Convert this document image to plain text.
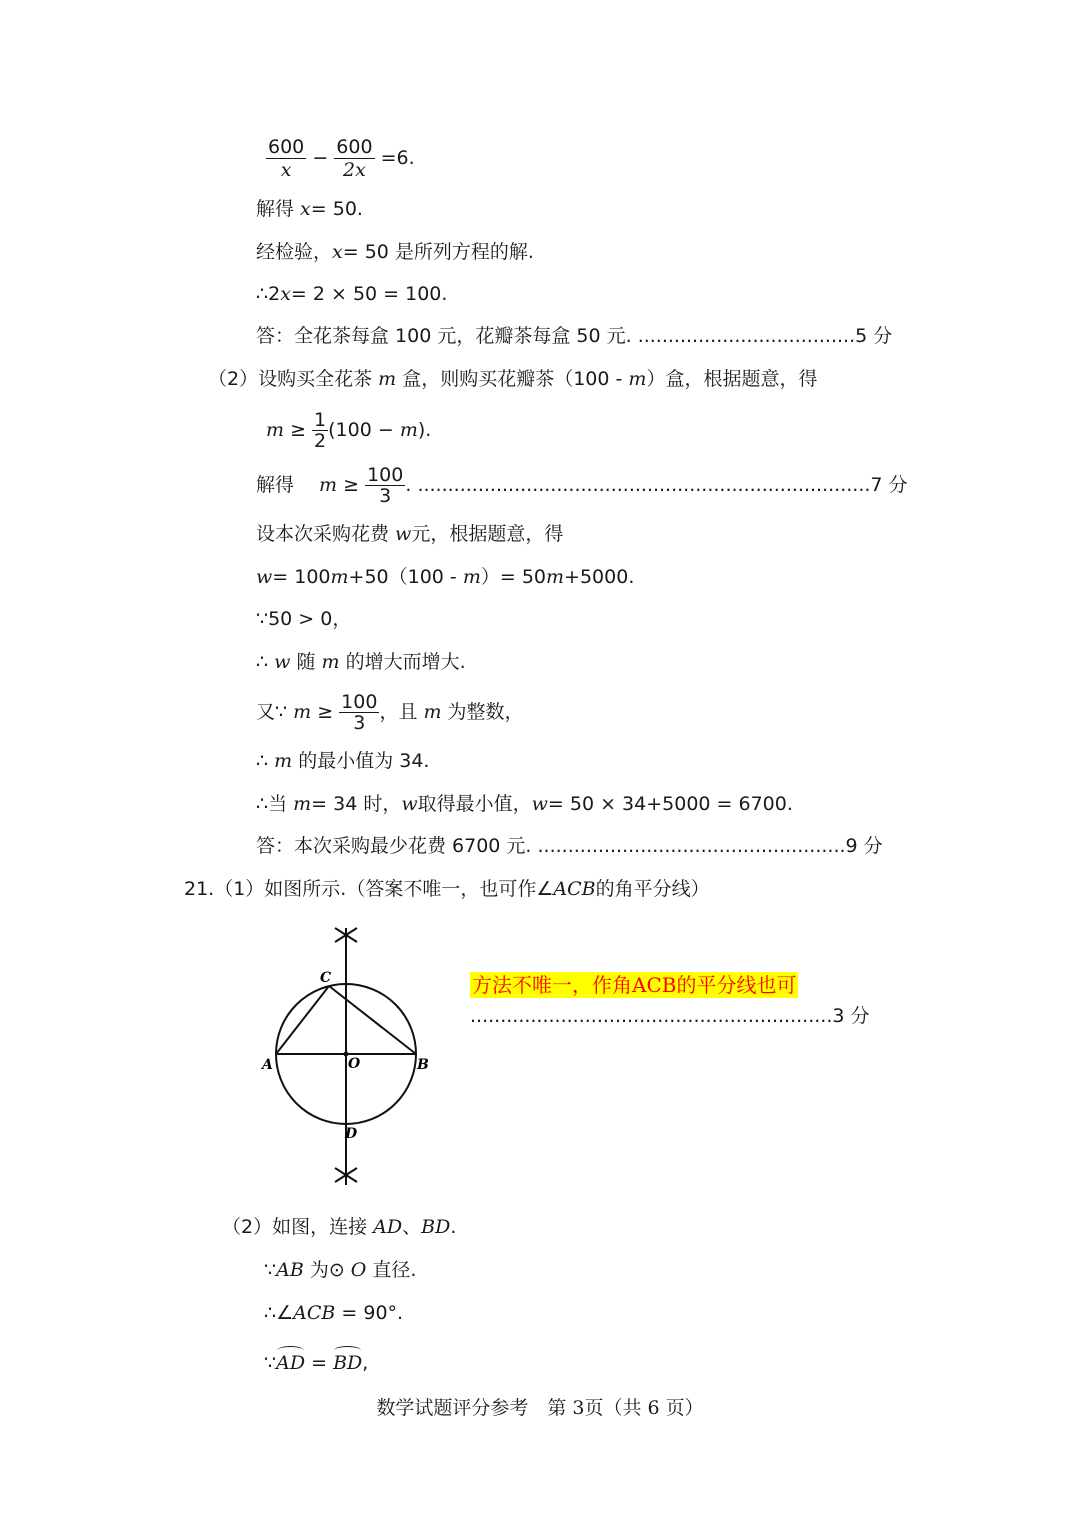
$\frac{600}{x} - \frac{600}{2x} =6$.
解得 x= 50.
经检验，x= 50 是所列方程的解.
∴2x= 2 × 50 = 100.
答：全花茶每盒 100 元，花瓣茶每盒 50 元. ....................................5 分
（2）设购买全花茶 m 盒，则购买花瓣茶（100 - m）盒，根据题意，得
$m \ge \frac{1}{2} (100 - m)$.
解得　 $m \ge \frac{100}{3}$ . ...........................................................................7 分
设本次采购花费 w元，根据题意，得
w= 100m+50（100 - m）= 50m+5000.
∵50 > 0，
∴ w 随 m 的增大而增大.
又∵ $m \ge \frac{100}{3}$ ，且 m 为整数，
∴ m 的最小值为 34.
∴当 m= 34 时，w取得最小值，w= 50 × 34+5000 = 6700.
答：本次采购最少花费 6700 元. ...................................................9 分
21.（1）如图所示.（答案不唯一，也可作∠ACB的角平分线）
C
A	O	B
D
方法不唯一，作角ACB的平分线也可
............................................................3 分
（2）如图，连接 AD、BD.
∵AB 为⊙ O 直径.
∴∠ACB = 90°.
∵AD = BD,
数学试题评分参考　第 3页（共 6 页）
